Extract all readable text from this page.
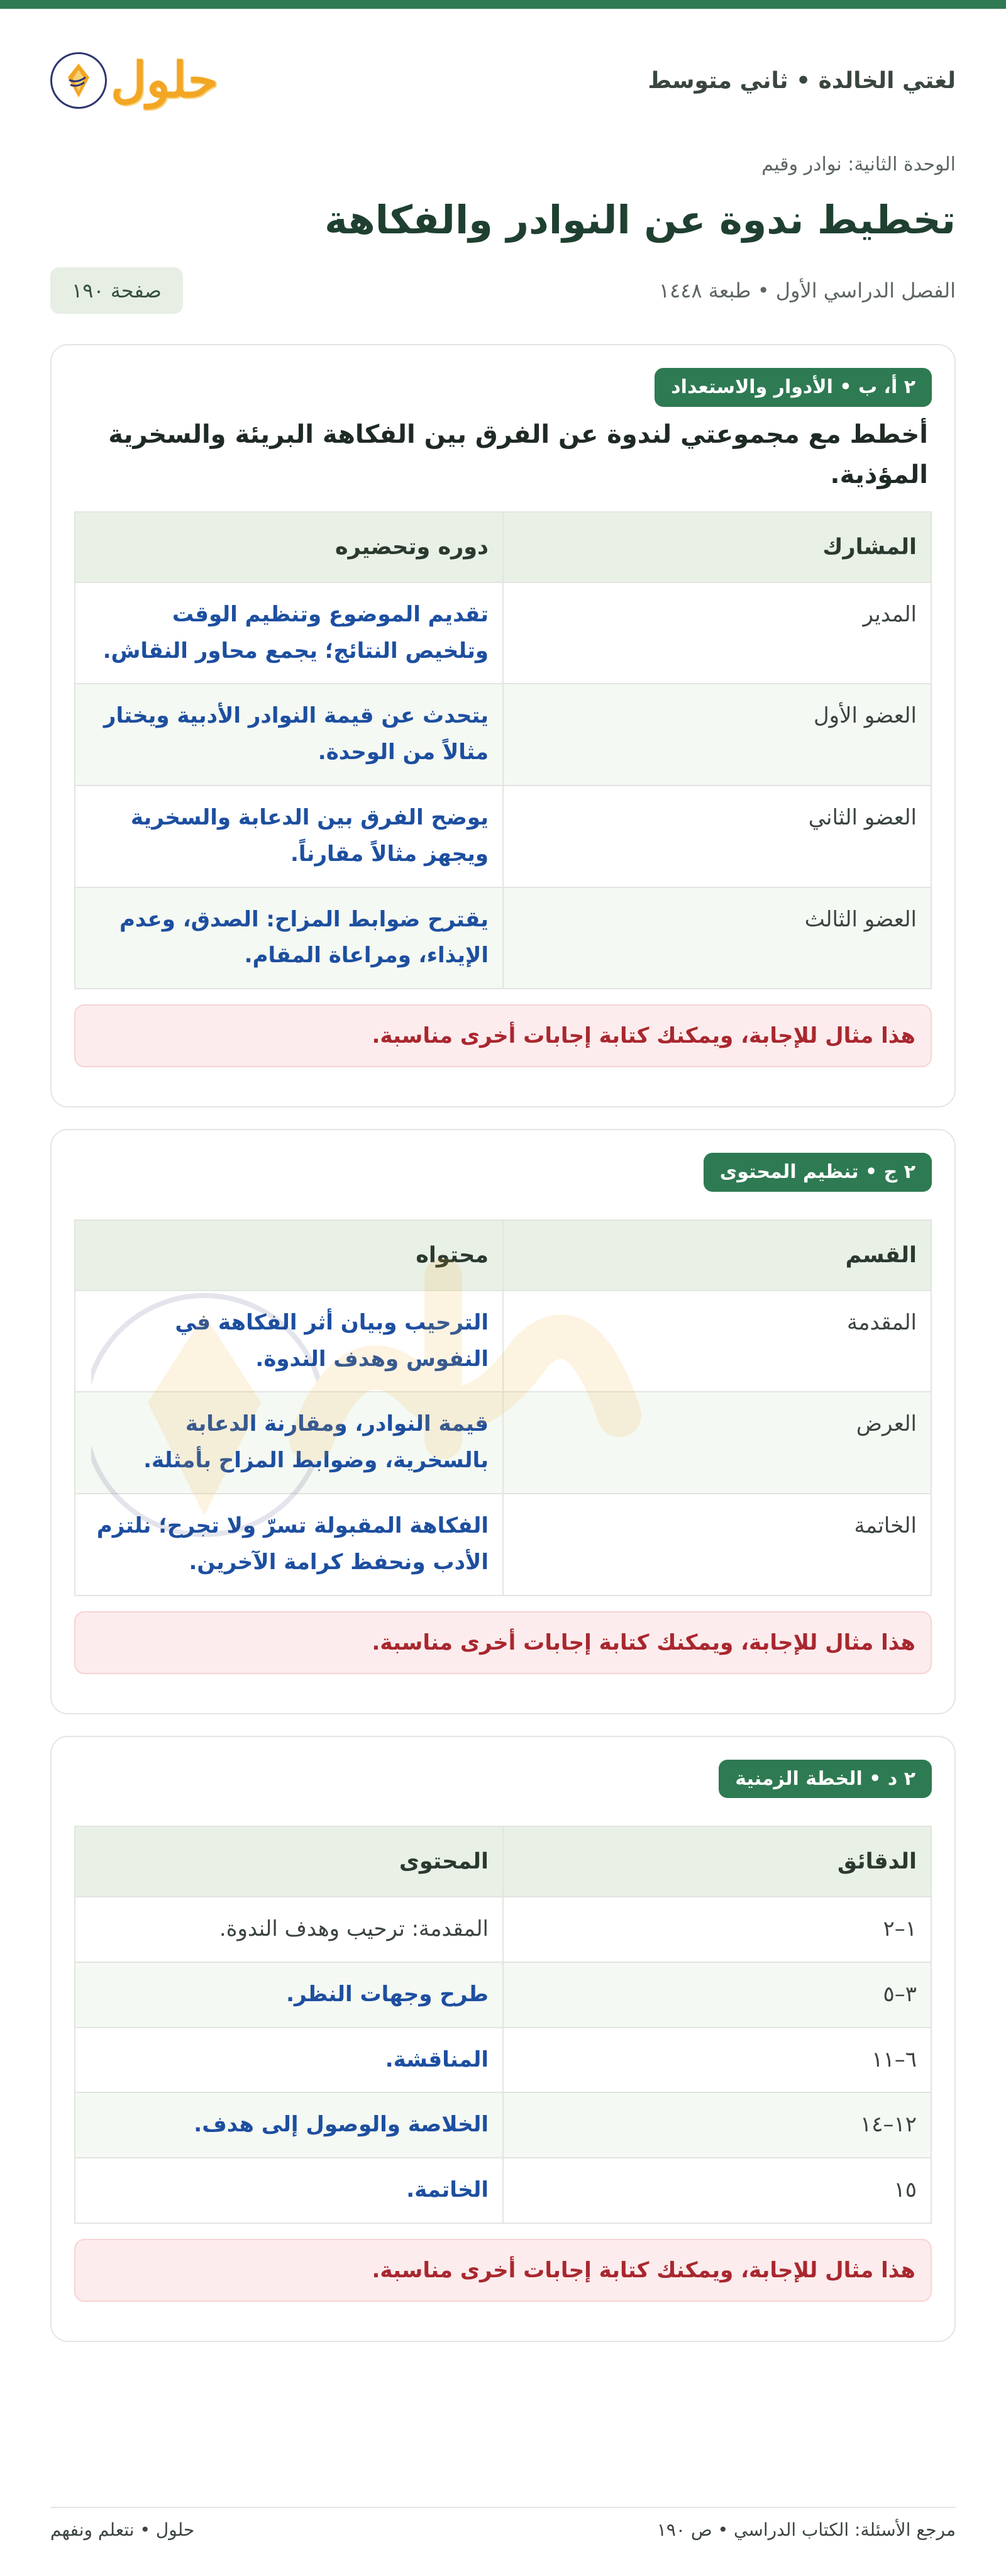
لغتي الخالدة • ثاني متوسط
حلول
الوحدة الثانية: نوادر وقيم
تخطيط ندوة عن النوادر والفكاهة
الفصل الدراسي الأول • طبعة ١٤٤٨
صفحة ١٩٠
٢ أ، ب • الأدوار والاستعداد
أخطط مع مجموعتي لندوة عن الفرق بين الفكاهة البريئة والسخرية المؤذية.
المشارك	دوره وتحضيره
المدير	تقديم الموضوع وتنظيم الوقت وتلخيص النتائج؛ يجمع محاور النقاش.
العضو الأول	يتحدث عن قيمة النوادر الأدبية ويختار مثالاً من الوحدة.
العضو الثاني	يوضح الفرق بين الدعابة والسخرية ويجهز مثالاً مقارناً.
العضو الثالث	يقترح ضوابط المزاح: الصدق، وعدم الإيذاء، ومراعاة المقام.
هذا مثال للإجابة، ويمكنك كتابة إجابات أخرى مناسبة.
٢ ج • تنظيم المحتوى
القسم	محتواه
المقدمة	الترحيب وبيان أثر الفكاهة في النفوس وهدف الندوة.
العرض	قيمة النوادر، ومقارنة الدعابة بالسخرية، وضوابط المزاح بأمثلة.
الخاتمة	الفكاهة المقبولة تسرّ ولا تجرح؛ نلتزم الأدب ونحفظ كرامة الآخرين.
هذا مثال للإجابة، ويمكنك كتابة إجابات أخرى مناسبة.
٢ د • الخطة الزمنية
الدقائق	المحتوى
١–٢	المقدمة: ترحيب وهدف الندوة.
٣–٥	طرح وجهات النظر.
٦–١١	المناقشة.
١٢–١٤	الخلاصة والوصول إلى هدف.
١٥	الخاتمة.
هذا مثال للإجابة، ويمكنك كتابة إجابات أخرى مناسبة.
مرجع الأسئلة: الكتاب الدراسي • ص ١٩٠
حلول • نتعلم ونفهم
